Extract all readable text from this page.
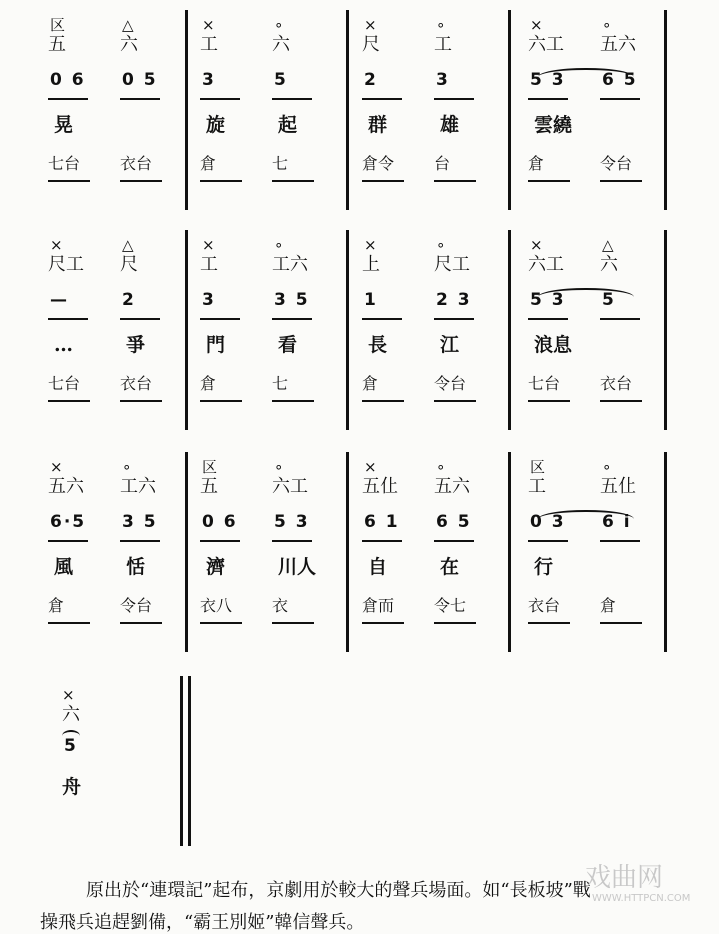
区
五
0 6
晃
七台
△
六
0 5
衣台
×
工
3
旋
倉
∘
六
5
起
七
×
尺
2
群
倉令
∘
工
3
雄
台
×
六工
5 3
雲繞
倉
∘
五六
6 5
令台
×
尺工
—
…
七台
△
尺
2
爭
衣台
×
工
3
門
倉
∘
工六
3 5
看
七
×
上
1
長
倉
∘
尺工
2 3
江
令台
×
六工
5 3
浪息
七台
△
六
5
衣台
×
五六
6·5
風
倉
∘
工六
3 5
恬
令台
区
五
0 6
濟
衣八
∘
六工
5 3
川人
衣
×
五仩
6 1
自
倉而
∘
五六
6 5
在
令七
区
工
0 3
行
衣台
∘
五仩
6 i
倉
×
六
5
舟
原出於“連環記”起布，京劇用於較大的聲兵場面。如“長板坡”戰
操飛兵追趕劉備，“霸王別姬”韓信聲兵。
戏曲网
WWW.HTTPCN.COM
